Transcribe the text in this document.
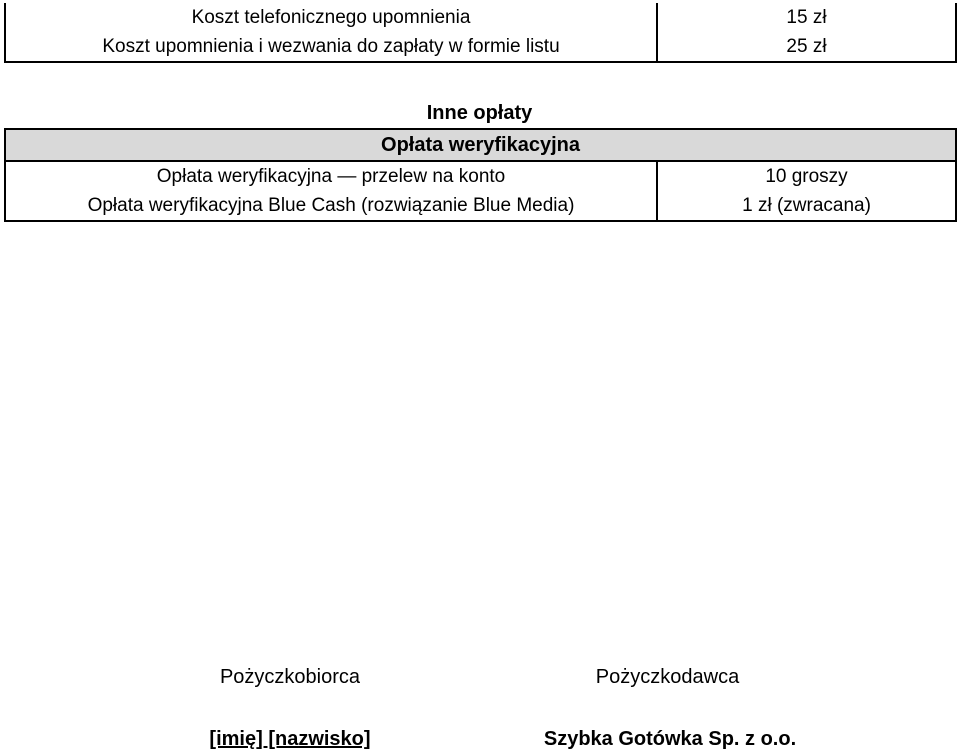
Koszt telefonicznego upomnienia	15 zł
Koszt upomnienia i wezwania do zapłaty w formie listu	25 zł
Inne opłaty
Opłata weryfikacyjna	
Opłata weryfikacyjna — przelew na konto	10 groszy
Opłata weryfikacyjna Blue Cash (rozwiązanie Blue Media)	1 zł (zwracana)
Pożyczkobiorca	Pożyczkodawca
[imię] [nazwisko]	Szybka Gotówka Sp. z o.o.
